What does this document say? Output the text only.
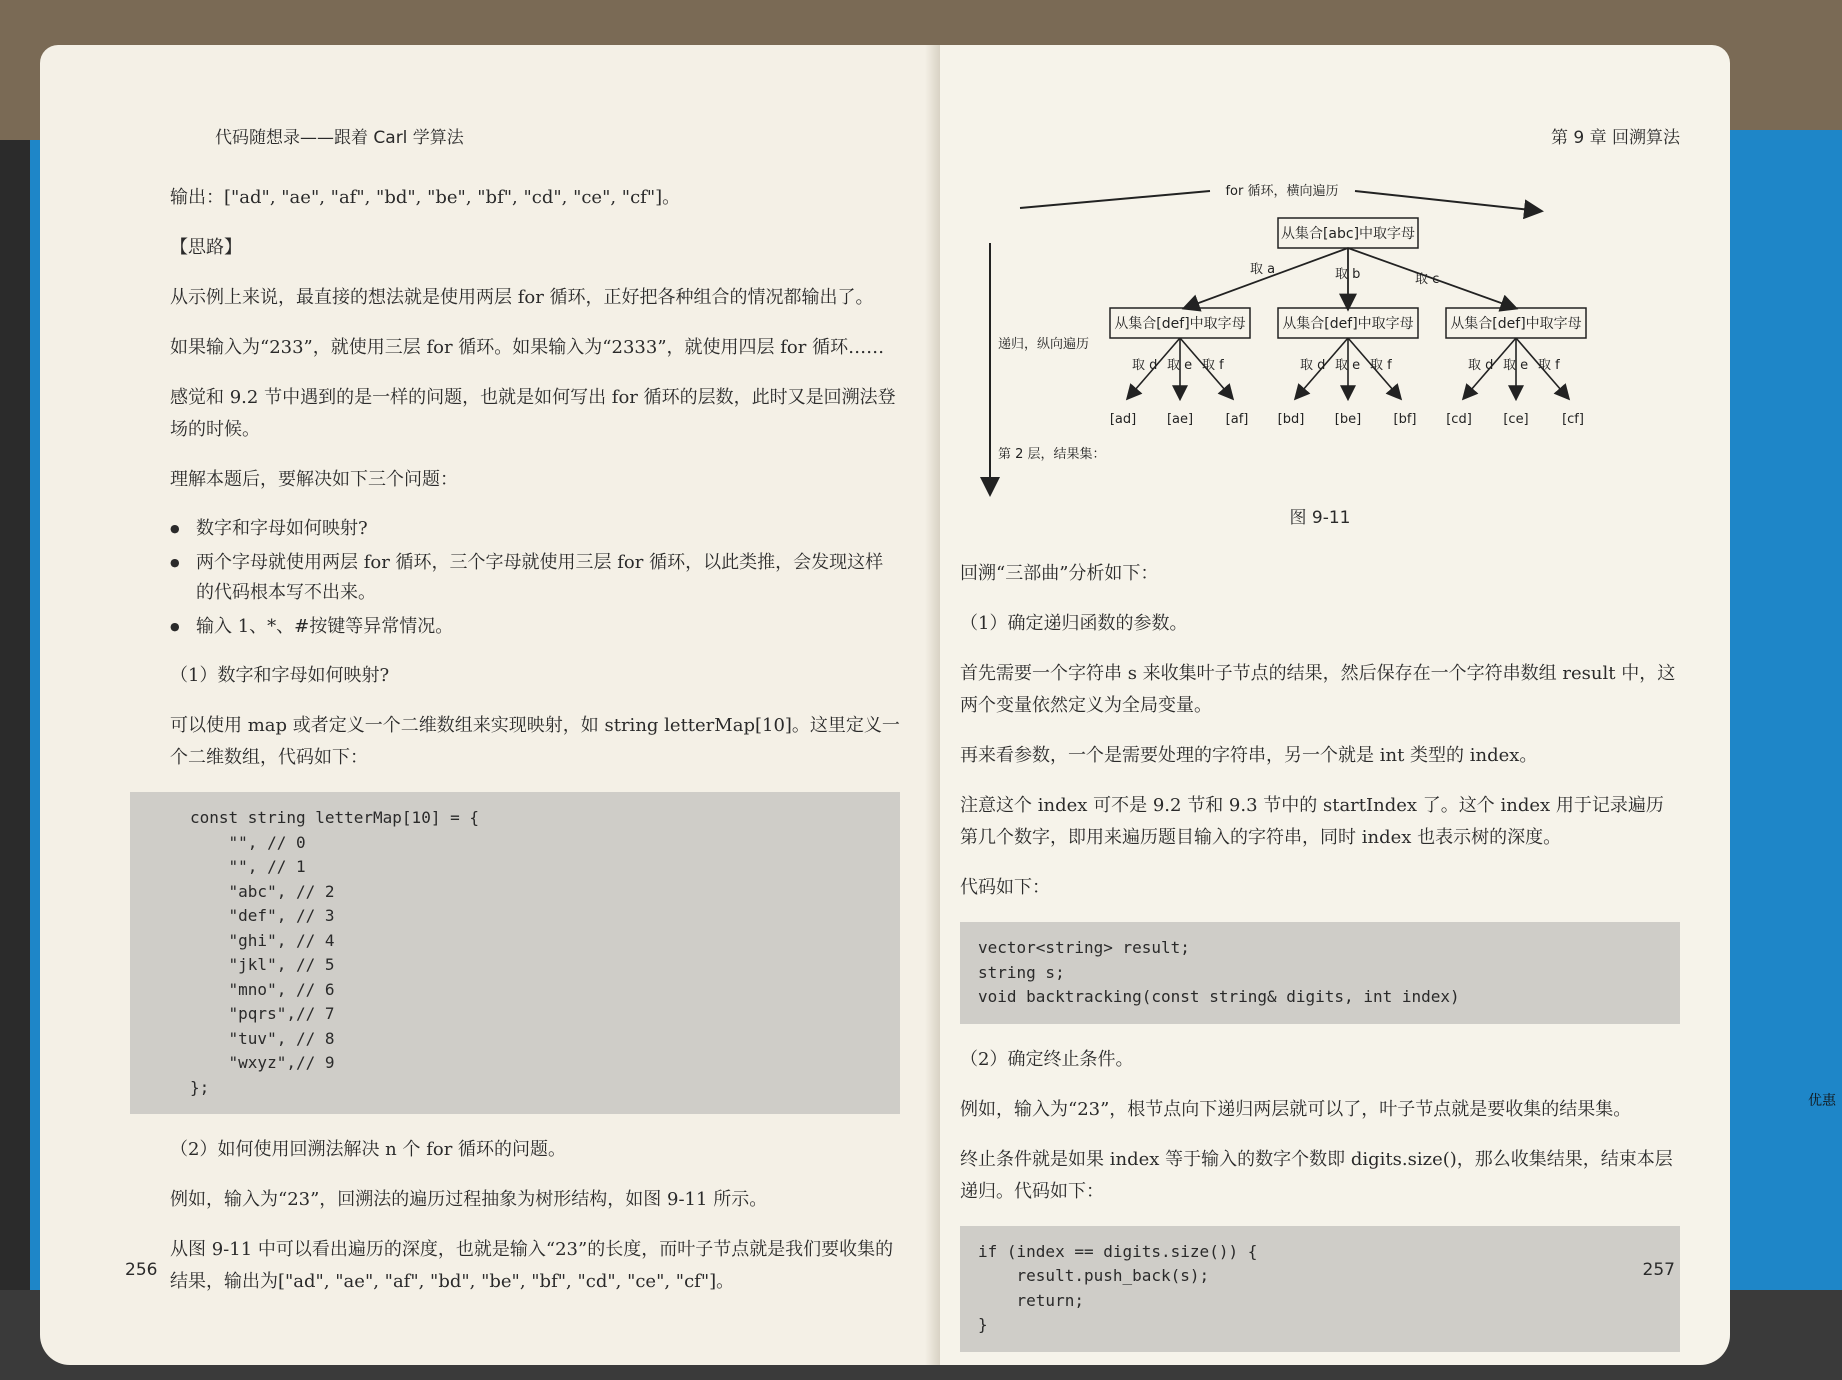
优惠
代码随想录——跟着 Carl 学算法

输出：["ad", "ae", "af", "bd", "be", "bf", "cd", "ce", "cf"]。

【思路】

从示例上来说，最直接的想法就是使用两层 for 循环，正好把各种组合的情况都输出了。

如果输入为“233”，就使用三层 for 循环。如果输入为“2333”，就使用四层 for 循环……

感觉和 9.2 节中遇到的是一样的问题，也就是如何写出 for 循环的层数，此时又是回溯法登场的时候。

理解本题后，要解决如下三个问题：

● 数字和字母如何映射?
● 两个字母就使用两层 for 循环，三个字母就使用三层 for 循环，以此类推，会发现这样的代码根本写不出来。
● 输入 1、*、#按键等异常情况。

（1）数字和字母如何映射?

可以使用 map 或者定义一个二维数组来实现映射，如 string letterMap[10]。这里定义一个二维数组，代码如下：

const string letterMap[10] = {
"", // 0
"", // 1
"abc", // 2
"def", // 3
"ghi", // 4
"jkl", // 5
"mno", // 6
"pqrs",// 7
"tuv", // 8
"wxyz",// 9
};

（2）如何使用回溯法解决 n 个 for 循环的问题。

例如，输入为“23”，回溯法的遍历过程抽象为树形结构，如图 9-11 所示。

从图 9-11 中可以看出遍历的深度，也就是输入“23”的长度，而叶子节点就是我们要收集的结果，输出为["ad", "ae", "af", "bd", "be", "bf", "cd", "ce", "cf"]。

256
第 9 章 回溯算法
for 循环，横向遍历
递归，纵向遍历
第 2 层，结果集：
从集合[abc]中取字母
取 a	取 b	取 c
从集合[def]中取字母	从集合[def]中取字母	从集合[def]中取字母
取 d 取 e 取 f	取 d 取 e 取 f	取 d 取 e 取 f
[ad] [ae]	[af] [bd] [be] [bf] [cd] [ce]	[cf]
图 9-11

回溯“三部曲”分析如下：

（1）确定递归函数的参数。

首先需要一个字符串 s 来收集叶子节点的结果，然后保存在一个字符串数组 result 中，这两个变量依然定义为全局变量。

再来看参数，一个是需要处理的字符串，另一个就是 int 类型的 index。

注意这个 index 可不是 9.2 节和 9.3 节中的 startIndex 了。这个 index 用于记录遍历第几个数字，即用来遍历题目输入的字符串，同时 index 也表示树的深度。

代码如下：

vector<string> result;
string s;
void backtracking(const string& digits, int index)

（2）确定终止条件。

例如，输入为“23”，根节点向下递归两层就可以了，叶子节点就是要收集的结果集。

终止条件就是如果 index 等于输入的数字个数即 digits.size()，那么收集结果，结束本层递归。代码如下：

if (index == digits.size()) {
result.push_back(s);
return;
}
257
